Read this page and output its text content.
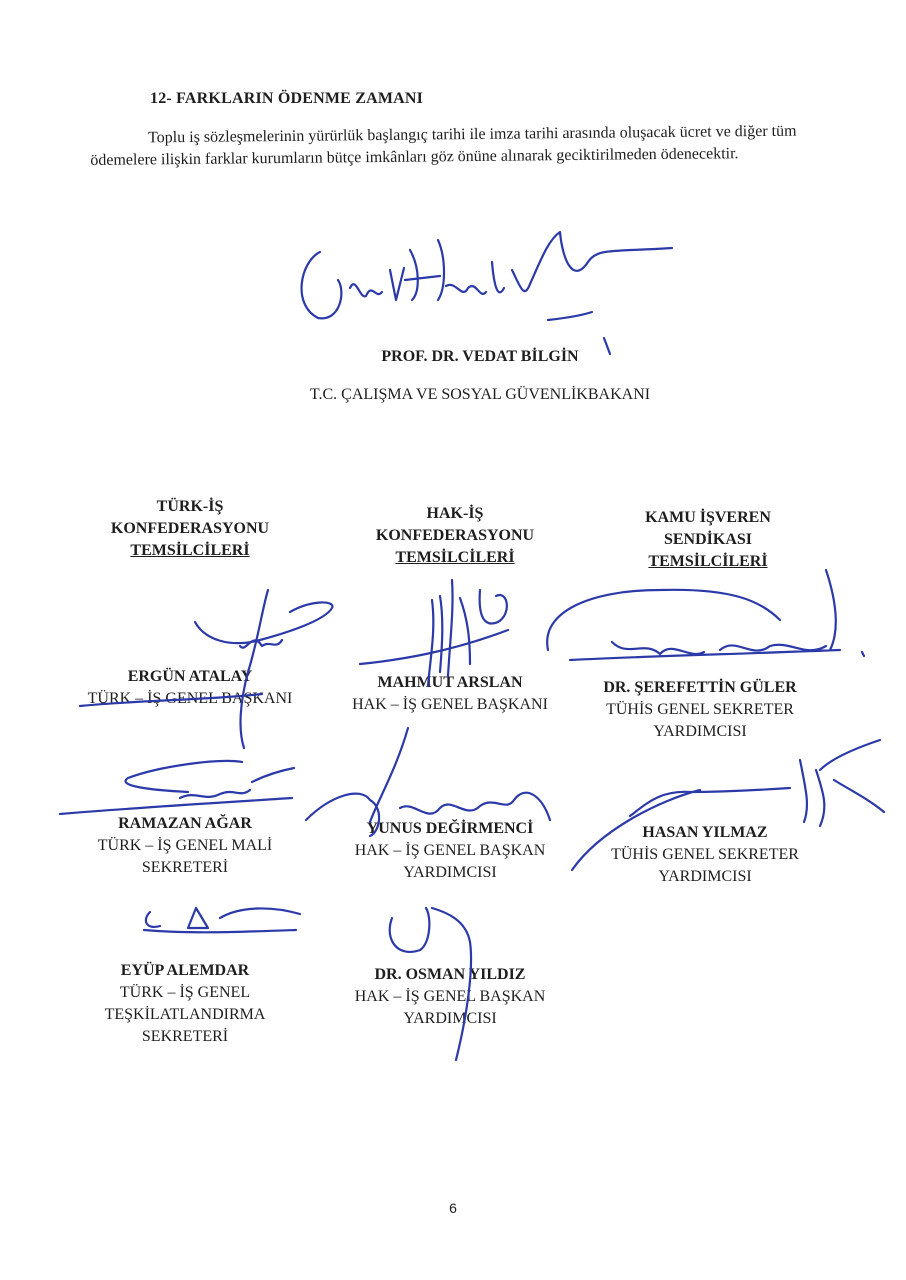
12- FARKLARIN ÖDENME ZAMANI
Toplu iş sözleşmelerinin yürürlük başlangıç tarihi ile imza tarihi arasında oluşacak ücret ve diğer tüm ödemelere ilişkin farklar kurumların bütçe imkânları göz önüne alınarak geciktirilmeden ödenecektir.
PROF. DR. VEDAT BİLGİN
T.C. ÇALIŞMA VE SOSYAL GÜVENLİKBAKANI
TÜRK-İŞ
KONFEDERASYONU
TEMSİLCİLERİ
HAK-İŞ
KONFEDERASYONU
TEMSİLCİLERİ
KAMU İŞVEREN
SENDİKASI
TEMSİLCİLERİ
ERGÜN ATALAY
TÜRK – İŞ GENEL BAŞKANI
MAHMUT ARSLAN
HAK – İŞ GENEL BAŞKANI
DR. ŞEREFETTİN GÜLER
TÜHİS GENEL SEKRETER
YARDIMCISI
RAMAZAN AĞAR
TÜRK – İŞ GENEL MALİ
SEKRETERİ
YUNUS DEĞİRMENCİ
HAK – İŞ GENEL BAŞKAN
YARDIMCISI
HASAN YILMAZ
TÜHİS GENEL SEKRETER
YARDIMCISI
EYÜP ALEMDAR
TÜRK – İŞ GENEL
TEŞKİLATLANDIRMA
SEKRETERİ
DR. OSMAN YILDIZ
HAK – İŞ GENEL BAŞKAN
YARDIMCISI
6
